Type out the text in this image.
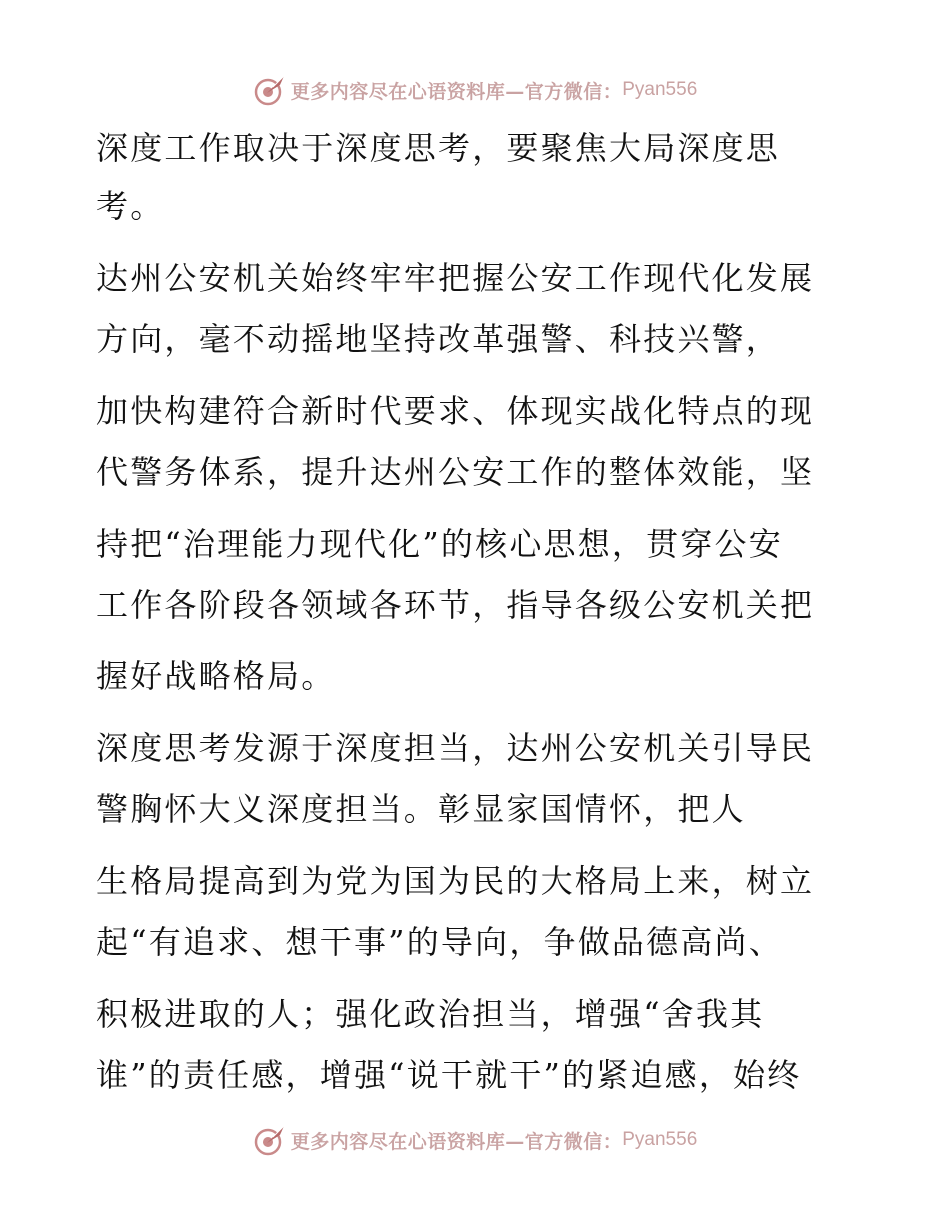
更多内容尽在心语资料库—官方微信： Pyan556
深度工作取决于深度思考，要聚焦大局深度思
考。
达州公安机关始终牢牢把握公安工作现代化发展
方向，毫不动摇地坚持改革强警、科技兴警，
加快构建符合新时代要求、体现实战化特点的现
代警务体系，提升达州公安工作的整体效能，坚
持把“治理能力现代化”的核心思想，贯穿公安
工作各阶段各领域各环节，指导各级公安机关把
握好战略格局。
深度思考发源于深度担当，达州公安机关引导民
警胸怀大义深度担当。彰显家国情怀，把人
生格局提高到为党为国为民的大格局上来，树立
起“有追求、想干事”的导向，争做品德高尚、
积极进取的人；强化政治担当，增强“舍我其
谁”的责任感，增强“说干就干”的紧迫感，始终
更多内容尽在心语资料库—官方微信： Pyan556
